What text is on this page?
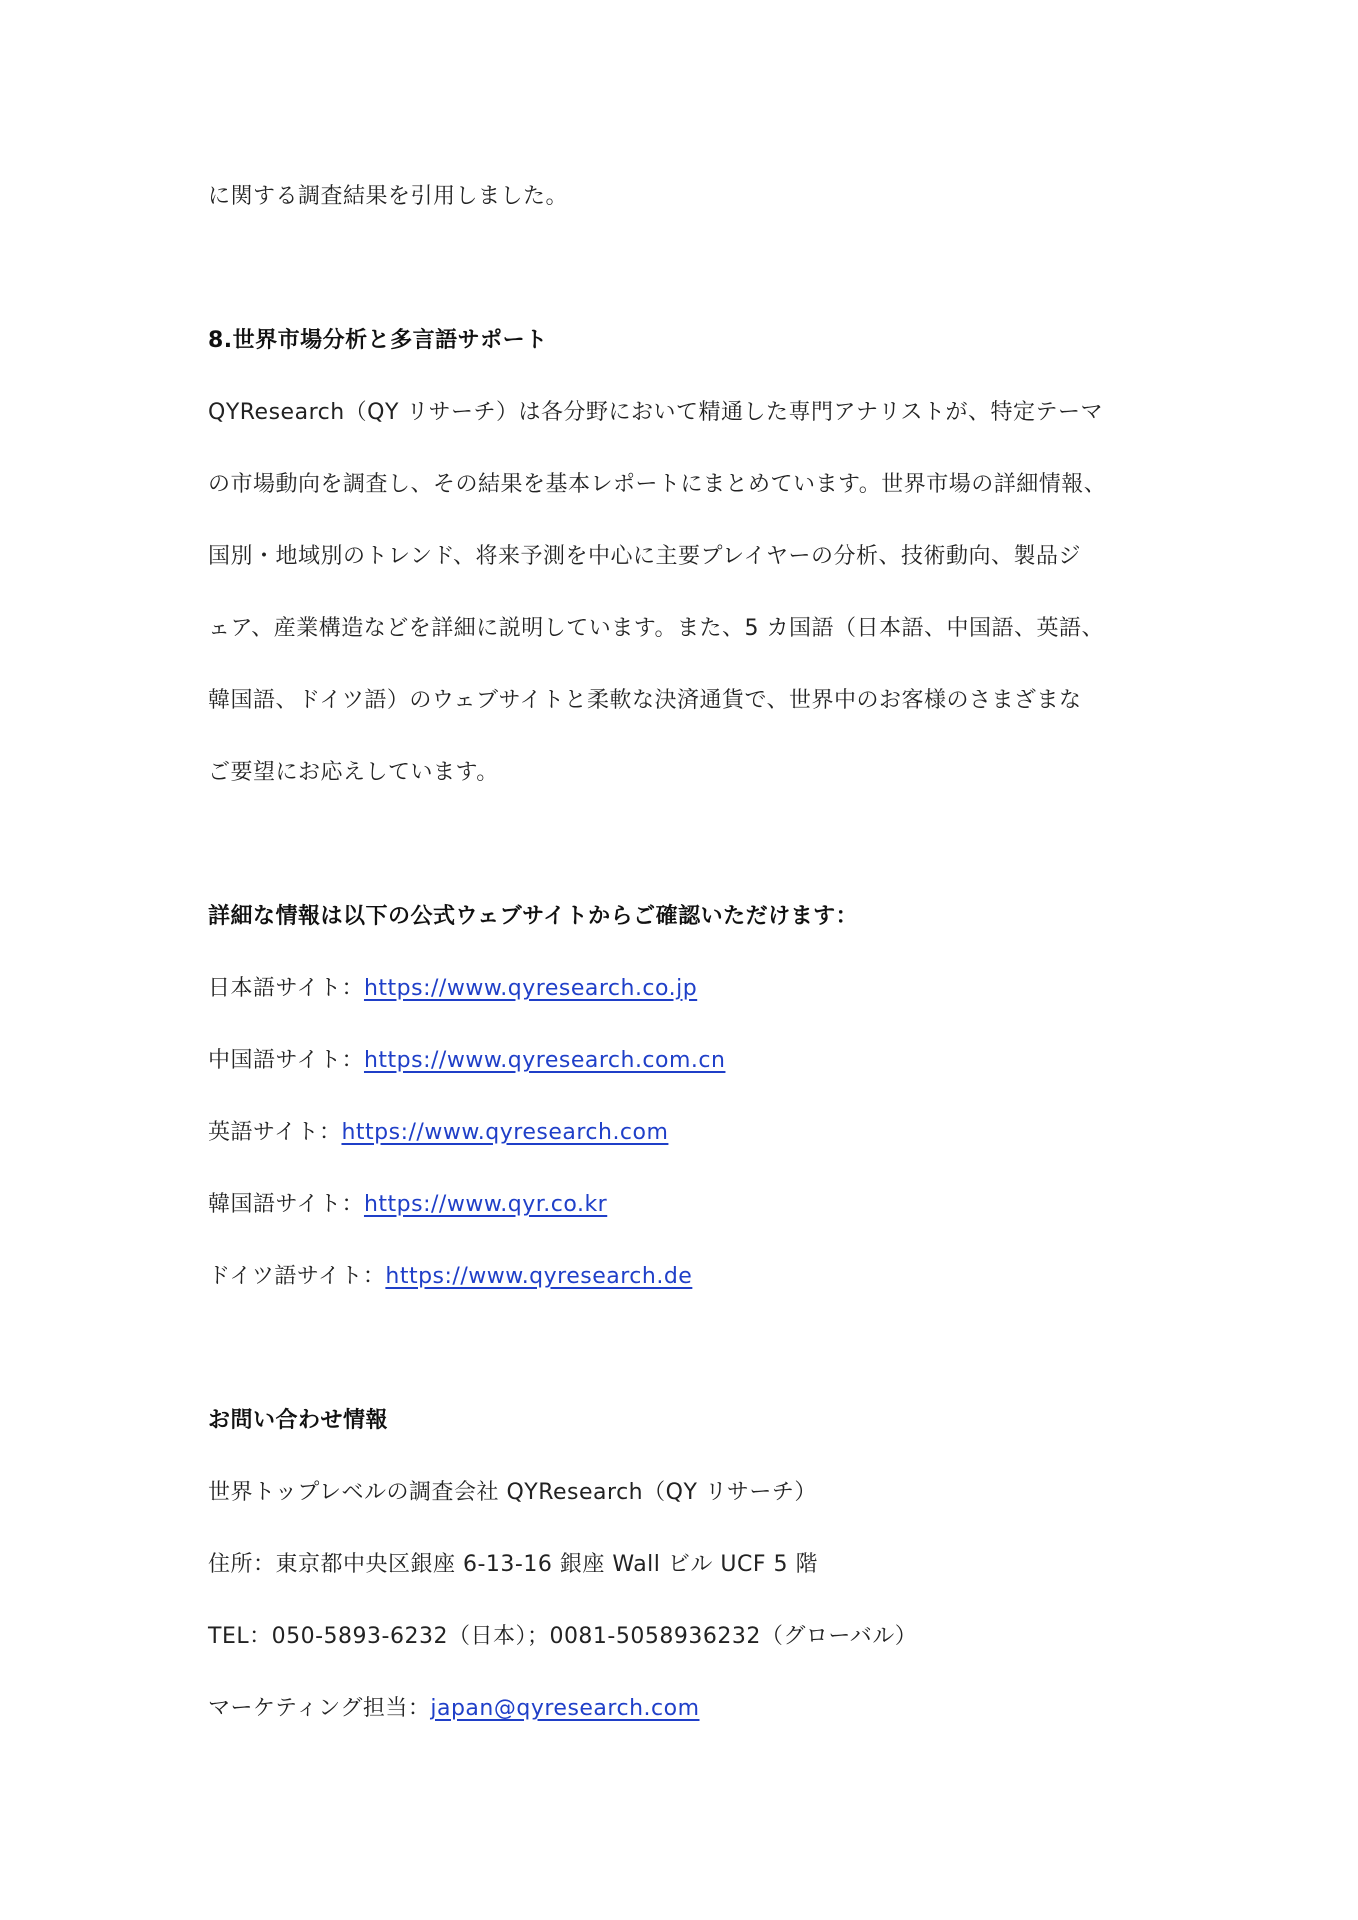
に関する調査結果を引用しました。
8.世界市場分析と多言語サポート
QYResearch（QY リサーチ）は各分野において精通した専門アナリストが、特定テーマ
の市場動向を調査し、その結果を基本レポートにまとめています。世界市場の詳細情報、
国別・地域別のトレンド、将来予測を中心に主要プレイヤーの分析、技術動向、製品ジ
ェア、産業構造などを詳細に説明しています。また、5 カ国語（日本語、中国語、英語、
韓国語、ドイツ語）のウェブサイトと柔軟な決済通貨で、世界中のお客様のさまざまな
ご要望にお応えしています。
詳細な情報は以下の公式ウェブサイトからご確認いただけます：
日本語サイト：https://www.qyresearch.co.jp
中国語サイト：https://www.qyresearch.com.cn
英語サイト：https://www.qyresearch.com
韓国語サイト：https://www.qyr.co.kr
ドイツ語サイト：https://www.qyresearch.de
お問い合わせ情報
世界トップレベルの調査会社 QYResearch（QY リサーチ）
住所：東京都中央区銀座 6-13-16 銀座 Wall ビル UCF 5 階
TEL：050-5893-6232（日本）；0081-5058936232（グローバル）
マーケティング担当：japan@qyresearch.com
